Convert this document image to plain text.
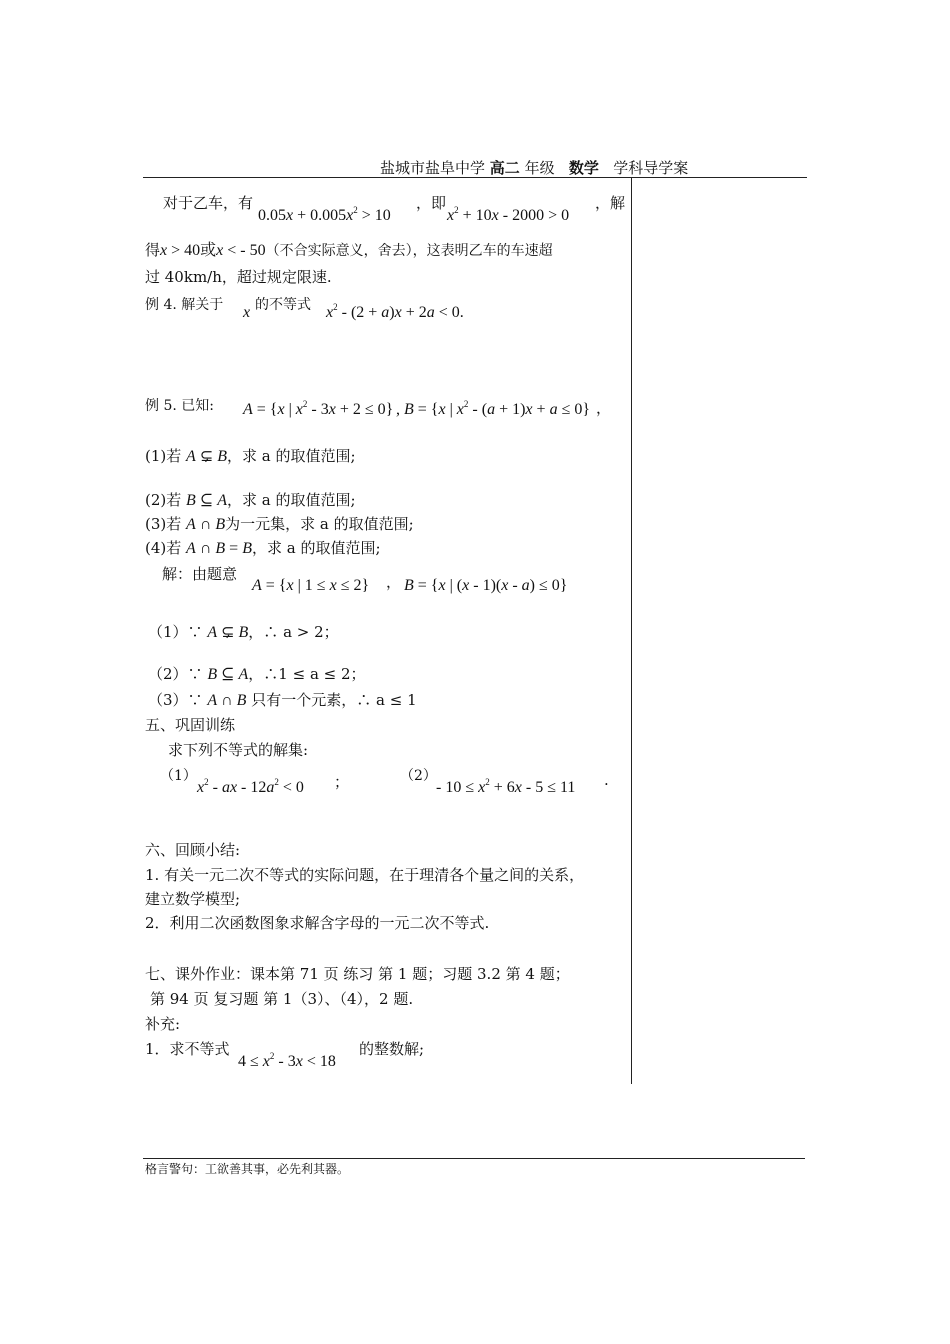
盐城市盐阜中学 高二 年级 数学 学科导学案
对于乙车，有
$0.05x + 0.005x^2 > 10$
，即
$x^2 + 10x - 2000 > 0$
，解
得x > 40或x < - 50（不合实际意义，舍去），这表明乙车的车速超
过 40km/h，超过规定限速.
例 4. 解关于 x 的不等式 $x^2 - (2 + a)x + 2a < 0$.
例 5. 已知: A = {x | $x^2 - 3x + 2 \le 0$} , B = {x | $x^2 - (a + 1)x + a \le 0$} ，
(1)若 A ⊊ B，求 a 的取值范围;
(2)若 B ⊆ A，求 a 的取值范围;
(3)若 A ∩ B为一元集，求 a 的取值范围;
(4)若 A ∩ B = B，求 a 的取值范围;
解：由题意
A = {x | 1 ≤ x ≤ 2} ， B = {x | (x - 1)(x - a) ≤ 0}
（1）∵ A ⊊ B，∴ a > 2；
（2）∵ B ⊆ A，∴1 ≤ a ≤ 2；
（3）∵ A ∩ B 只有一个元素，∴ a ≤ 1
五、巩固训练
求下列不等式的解集:
（1）
$x^2$ - ax - $12a^2 < 0$ ；	（2）
- $10 \le x^2 + 6x - 5 \le 11$ .
六、回顾小结:
1. 有关一元二次不等式的实际问题，在于理清各个量之间的关系，
建立数学模型;
2．利用二次函数图象求解含字母的一元二次不等式.
七、课外作业：课本第 71 页 练习 第 1 题；习题 3.2 第 4 题；
第 94 页 复习题 第 1（3）、（4），2 题.
补充:
1．求不等式
$4 \le x^2 - 3x < 18$
的整数解;
格言警句：工欲善其事，必先利其器。
